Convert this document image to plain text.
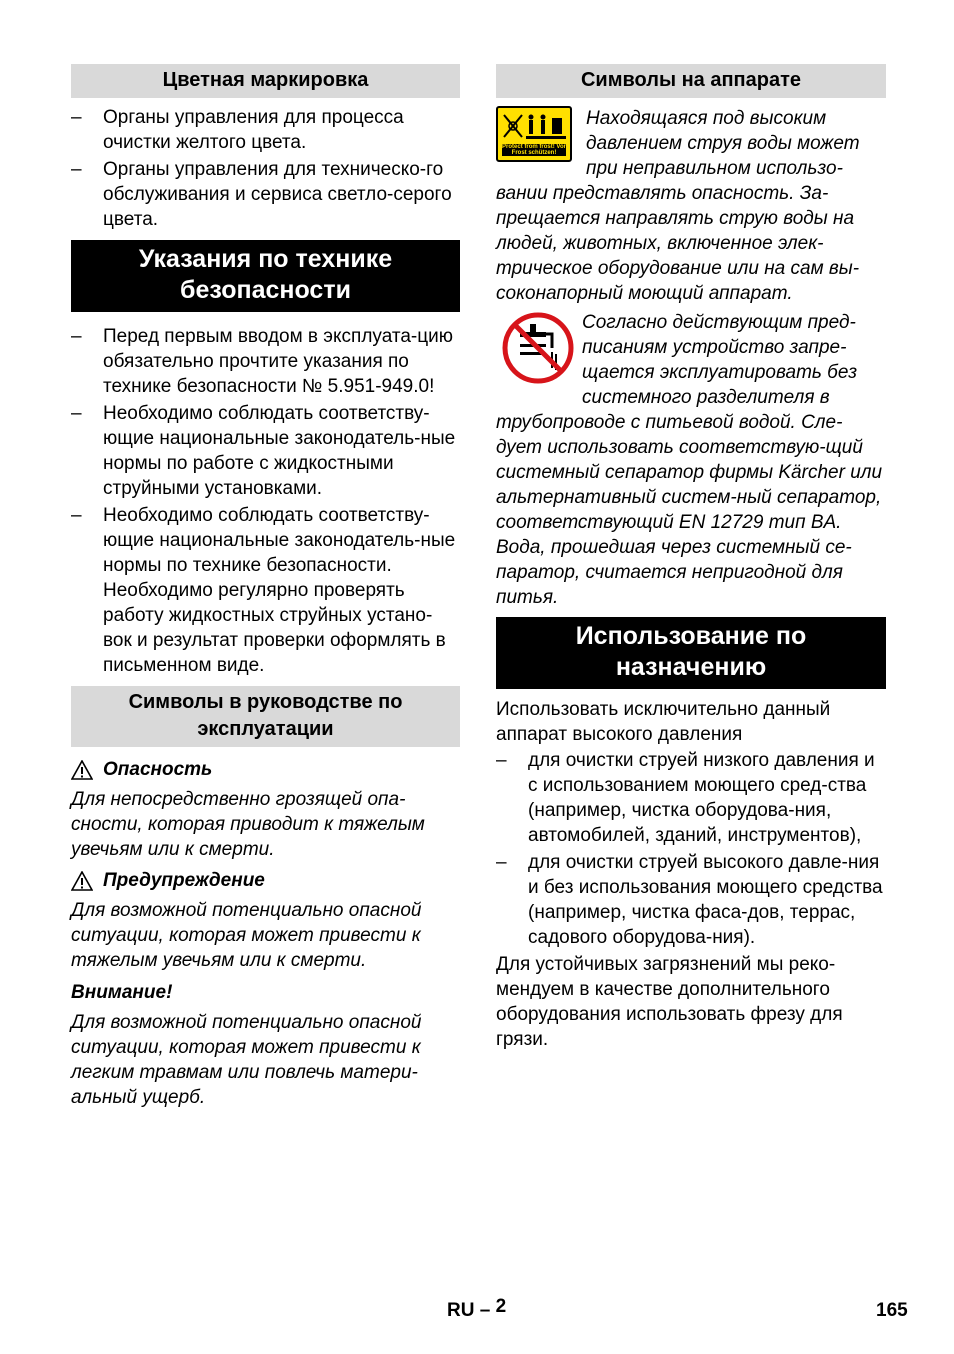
Цветная маркировка
– Органы управления для процесса очистки желтого цвета.
– Органы управления для техническо-го обслуживания и сервиса светло-серого цвета.
Указания по технике безопасности
– Перед первым вводом в эксплуата-цию обязательно прочтите указания по технике безопасности № 5.951-949.0!
– Необходимо соблюдать соответству-ющие национальные законодатель-ные нормы по работе с жидкостными струйными установками.
– Необходимо соблюдать соответству-ющие национальные законодатель-ные нормы по технике безопасности. Необходимо регулярно проверять работу жидкостных струйных устано-вок и результат проверки оформлять в письменном виде.
Символы в руководстве по эксплуатации
Опасность

Для непосредственно грозящей опа-сности, которая приводит к тяжелым увечьям или к смерти.

Предупреждение

Для возможной потенциально опасной ситуации, которая может привести к тяжелым увечьям или к смерти.

Внимание!

Для возможной потенциально опасной ситуации, которая может привести к легким травмам или повлечь матери-альный ущерб.

Символы на аппарате
Protect from frost! Vor Frost schützen!

Находящаяся под высоким давлением струя воды может при неправильном использо-вании представлять опасность. За-прещается направлять струю воды на людей, животных, включенное элек-трическое оборудование или на сам вы-соконапорный моющий аппарат.

Согласно действующим пред-писаниям устройство запре-щается эксплуатировать без системного разделителя в трубопроводе с питьевой водой. Сле-дует использовать соответствую-щий системный сепаратор фирмы Kärcher или альтернативный систем-ный сепаратор, соответствующий EN 12729 тип BA.

Вода, прошедшая через системный се-паратор, считается непригодной для питья.

Использование по назначению

Использовать исключительно данный аппарат высокого давления

– для очистки струей низкого давления и с использованием моющего сред-ства (например, чистка оборудова-ния, автомобилей, зданий, инструментов),
– для очистки струей высокого давле-ния и без использования моющего средства (например, чистка фаса-дов, террас, садового оборудова-ния).

Для устойчивых загрязнений мы реко-мендуем в качестве дополнительного оборудования использовать фрезу для грязи.

RU – 2	165
